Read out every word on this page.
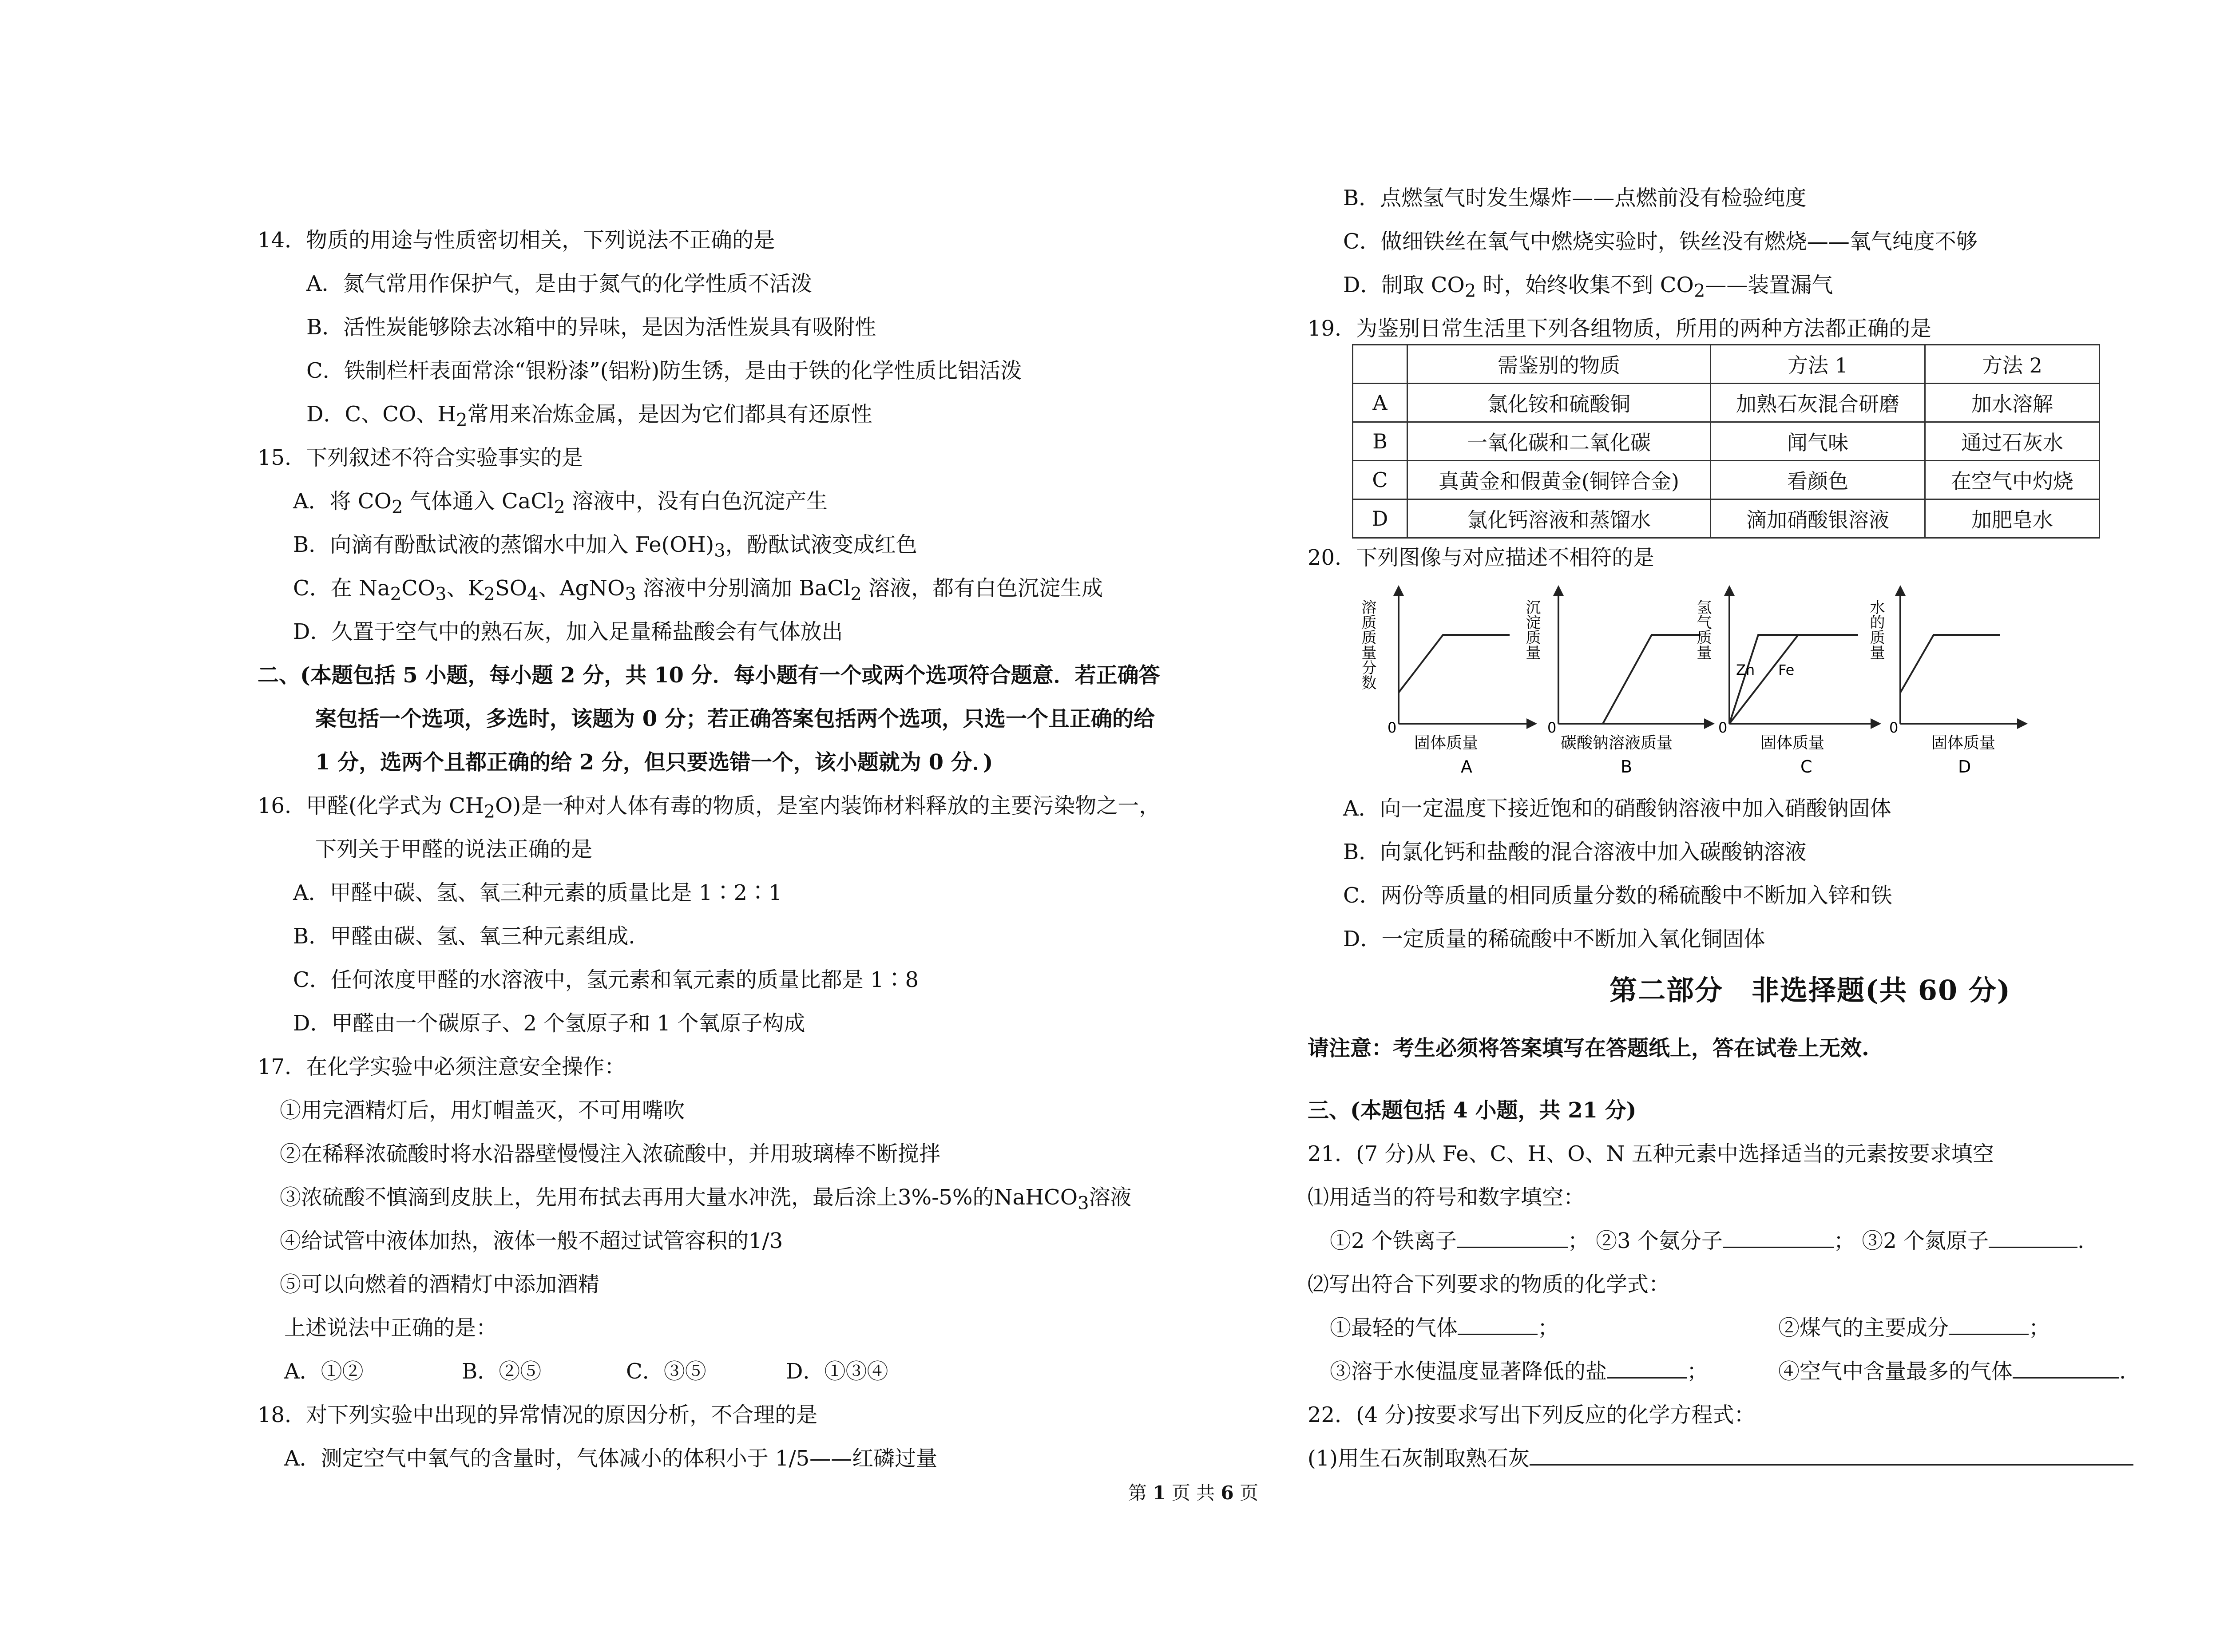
14．物质的用途与性质密切相关，下列说法不正确的是
A．氮气常用作保护气，是由于氮气的化学性质不活泼
B．活性炭能够除去冰箱中的异味，是因为活性炭具有吸附性
C．铁制栏杆表面常涂“银粉漆”(铝粉)防生锈，是由于铁的化学性质比铝活泼
D．C、CO、$H_2$常用来冶炼金属，是因为它们都具有还原性
15．下列叙述不符合实验事实的是
A．将 $CO_2$ 气体通入 CaCl$_2$ 溶液中，没有白色沉淀产生
B．向滴有酚酞试液的蒸馏水中加入 $Fe(OH)_3$，酚酞试液变成红色
C．在 $Na_2CO_3$、$K_2SO_4$、AgNO$_3$ 溶液中分别滴加 BaCl$_2$ 溶液，都有白色沉淀生成
D．久置于空气中的熟石灰，加入足量稀盐酸会有气体放出
二、(本题包括 5 小题，每小题 2 分，共 10 分．每小题有一个或两个选项符合题意．若正确答
案包括一个选项，多选时，该题为 0 分；若正确答案包括两个选项，只选一个且正确的给
1 分，选两个且都正确的给 2 分，但只要选错一个，该小题就为 0 分．)
16．甲醛(化学式为 $CH_2O$)是一种对人体有毒的物质，是室内装饰材料释放的主要污染物之一，
下列关于甲醛的说法正确的是
A．甲醛中碳、氢、氧三种元素的质量比是 1∶2∶1
B．甲醛由碳、氢、氧三种元素组成.
C．任何浓度甲醛的水溶液中，氢元素和氧元素的质量比都是 1∶8
D．甲醛由一个碳原子、2 个氢原子和 1 个氧原子构成
17．在化学实验中必须注意安全操作：
①用完酒精灯后，用灯帽盖灭，不可用嘴吹
②在稀释浓硫酸时将水沿器壁慢慢注入浓硫酸中，并用玻璃棒不断搅拌
③浓硫酸不慎滴到皮肤上，先用布拭去再用大量水冲洗，最后涂上3%-5%的NaHCO$_3$溶液
④给试管中液体加热，液体一般不超过试管容积的1/3
⑤可以向燃着的酒精灯中添加酒精
上述说法中正确的是：
A．①②	B．②⑤	C．③⑤	D．①③④
18．对下列实验中出现的异常情况的原因分析，不合理的是
A．测定空气中氧气的含量时，气体减小的体积小于 1/5——红磷过量
B．点燃氢气时发生爆炸——点燃前没有检验纯度
C．做细铁丝在氧气中燃烧实验时，铁丝没有燃烧——氧气纯度不够
D．制取 $CO_2$ 时，始终收集不到 $CO_2——$装置漏气
19．为鉴别日常生活里下列各组物质，所用的两种方法都正确的是
	需鉴别的物质	方法 1	方法 2
A	氯化铵和硫酸铜	加熟石灰混合研磨	加水溶解
B	一氧化碳和二氧化碳	闻气味	通过石灰水
C	真黄金和假黄金(铜锌合金)	看颜色	在空气中灼烧
D	氯化钙溶液和蒸馏水	滴加硝酸银溶液	加肥皂水
20．下列图像与对应描述不相符的是
0
溶质质量分数
固体质量
A
0
沉淀质量
碳酸钠溶液质量
B
0
氢气质量
Zn Fe
固体质量
C
0
水的质量
固体质量
D
A．向一定温度下接近饱和的硝酸钠溶液中加入硝酸钠固体
B．向氯化钙和盐酸的混合溶液中加入碳酸钠溶液
C．两份等质量的相同质量分数的稀硫酸中不断加入锌和铁
D．一定质量的稀硫酸中不断加入氧化铜固体
第二部分　非选择题(共 60 分)
请注意：考生必须将答案填写在答题纸上，答在试卷上无效.
三、(本题包括 4 小题，共 21 分)
21．(7 分)从 Fe、C、H、O、N 五种元素中选择适当的元素按要求填空
⑴用适当的符号和数字填空：
①2 个铁离子	； ②3 个氨分子	； ③2 个氮原子	.
⑵写出符合下列要求的物质的化学式：
①最轻的气体	；	②煤气的主要成分	；
③溶于水使温度显著降低的盐	；	④空气中含量最多的气体	.
22．(4 分)按要求写出下列反应的化学方程式：
(1)用生石灰制取熟石灰
第 1 页 共 6 页
